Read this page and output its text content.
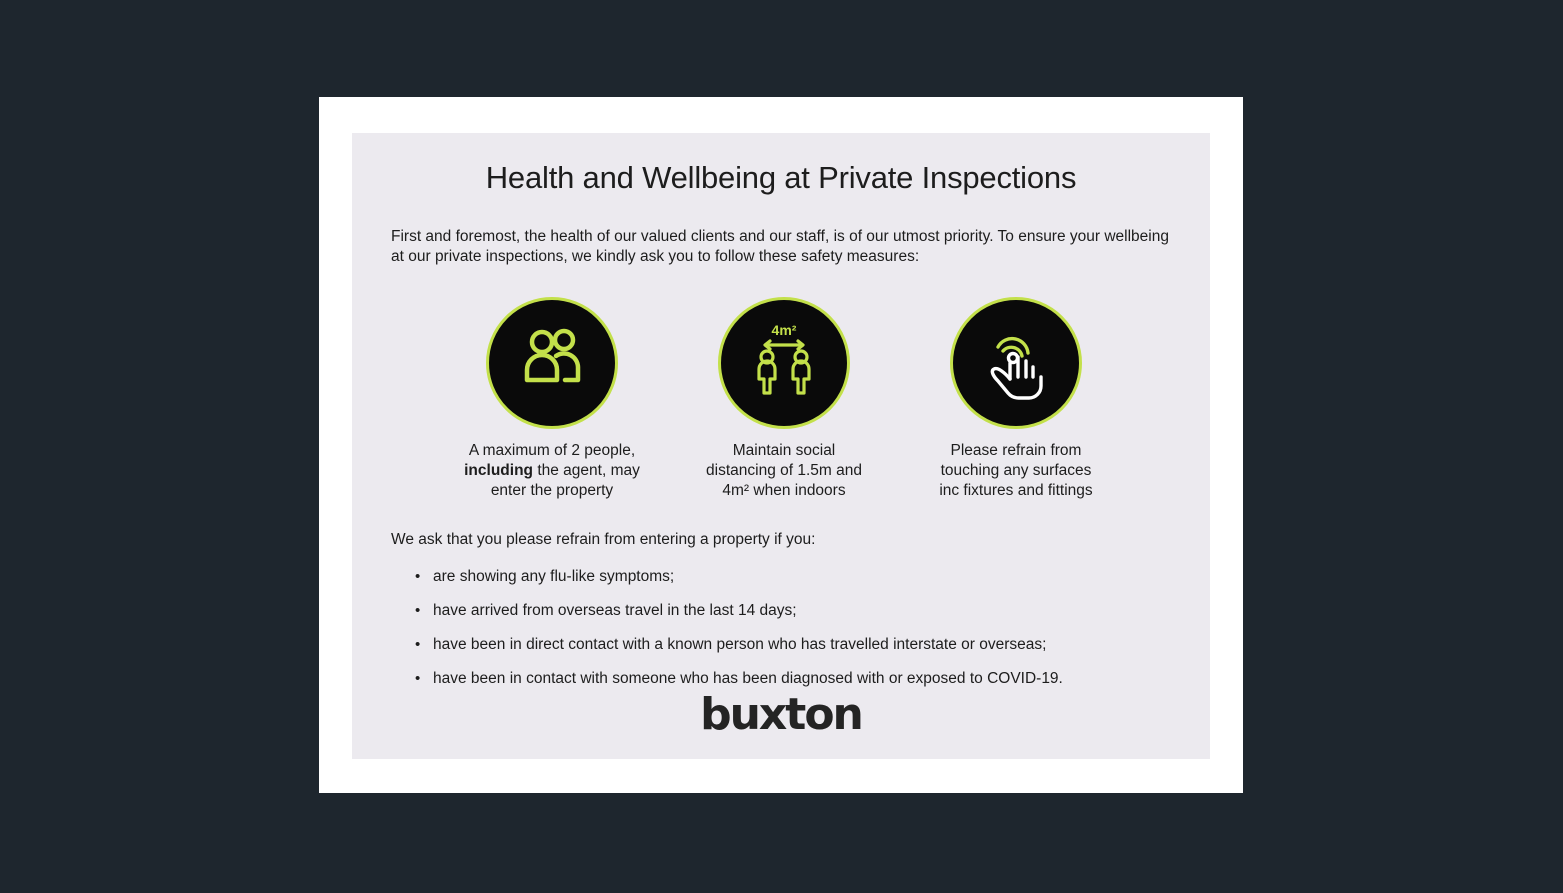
Health and Wellbeing at Private Inspections
First and foremost, the health of our valued clients and our staff, is of our utmost priority. To ensure your wellbeing at our private inspections, we kindly ask you to follow these safety measures:
A maximum of 2 people,
including the agent, may
enter the property
4m²
Maintain social
distancing of 1.5m and
4m² when indoors
Please refrain from
touching any surfaces
inc fixtures and fittings
We ask that you please refrain from entering a property if you:
• are showing any flu-like symptoms;
• have arrived from overseas travel in the last 14 days;
• have been in direct contact with a known person who has travelled interstate or overseas;
• have been in contact with someone who has been diagnosed with or exposed to COVID-19.
buxton
